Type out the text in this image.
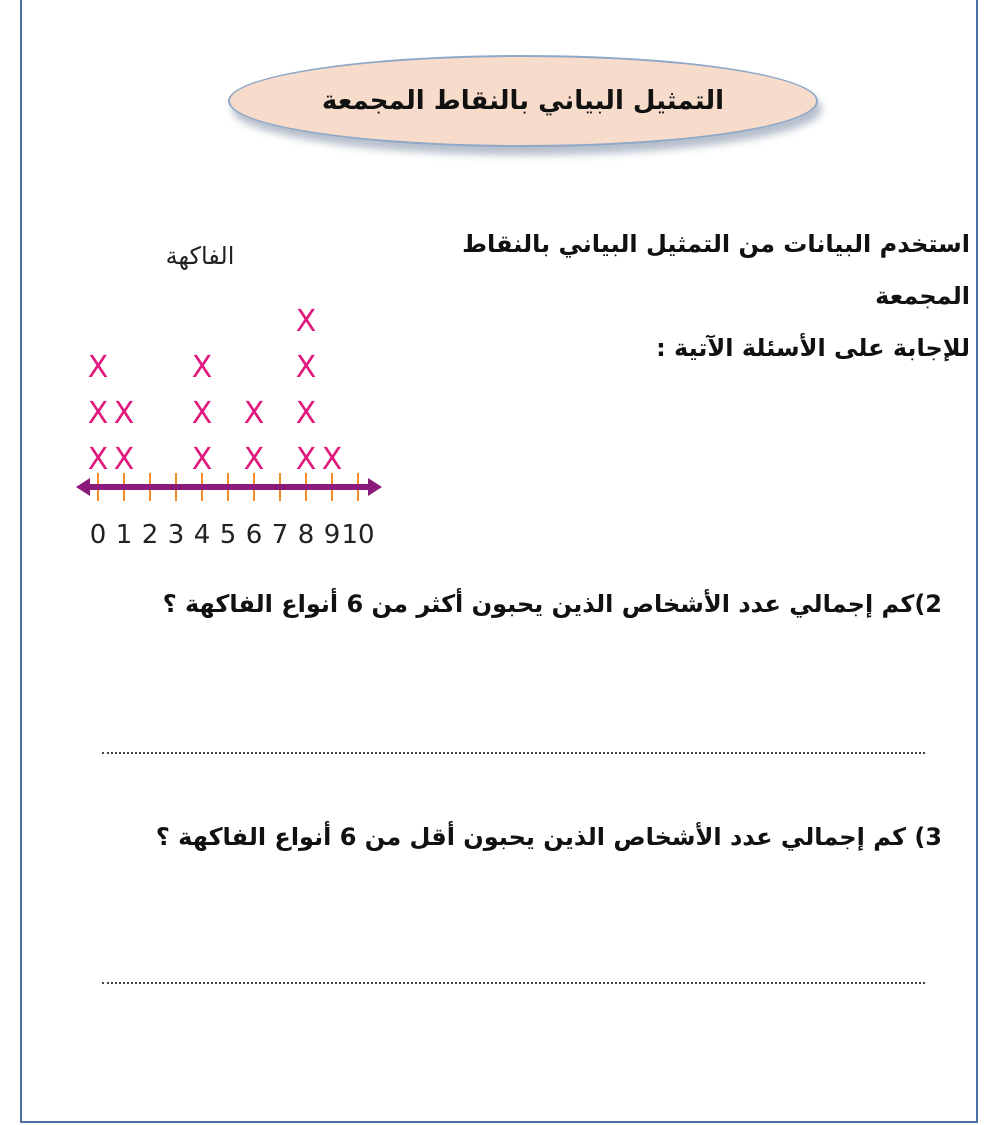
التمثيل البياني بالنقاط المجمعة
استخدم البيانات من التمثيل البياني بالنقاط المجمعة
للإجابة على الأسئلة الآتية :
الفاكهة
X
X
X
X
X
X
X
X
X
X
X
X
X
X
X
0 1 2 3 4 5 6 7 8 9 10
2)كم إجمالي عدد الأشخاص الذين يحبون أكثر من 6 أنواع الفاكهة ؟
3) كم إجمالي عدد الأشخاص الذين يحبون أقل من 6 أنواع الفاكهة ؟
